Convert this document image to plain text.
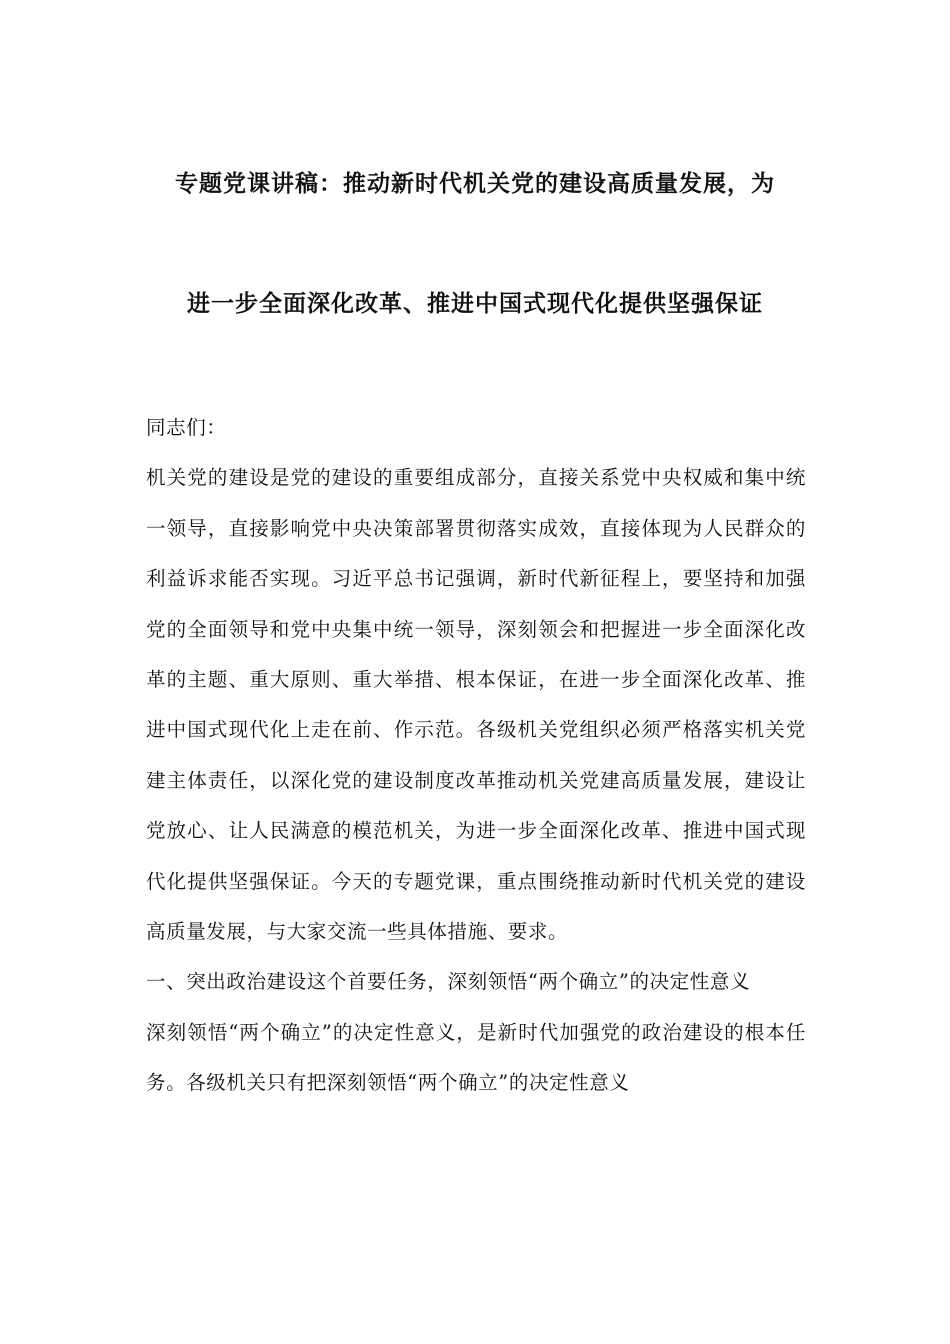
专题党课讲稿：推动新时代机关党的建设高质量发展，为
进一步全面深化改革、推进中国式现代化提供坚强保证

同志们：

机关党的建设是党的建设的重要组成部分，直接关系党中央权威和集中统一领导，直接影响党中央决策部署贯彻落实成效，直接体现为人民群众的利益诉求能否实现。习近平总书记强调，新时代新征程上，要坚持和加强党的全面领导和党中央集中统一领导，深刻领会和把握进一步全面深化改革的主题、重大原则、重大举措、根本保证，在进一步全面深化改革、推进中国式现代化上走在前、作示范。各级机关党组织必须严格落实机关党建主体责任，以深化党的建设制度改革推动机关党建高质量发展，建设让党放心、让人民满意的模范机关，为进一步全面深化改革、推进中国式现代化提供坚强保证。今天的专题党课，重点围绕推动新时代机关党的建设高质量发展，与大家交流一些具体措施、要求。

一、突出政治建设这个首要任务，深刻领悟“两个确立”的决定性意义

深刻领悟“两个确立”的决定性意义，是新时代加强党的政治建设的根本任务。各级机关只有把深刻领悟“两个确立”的决定性意义
